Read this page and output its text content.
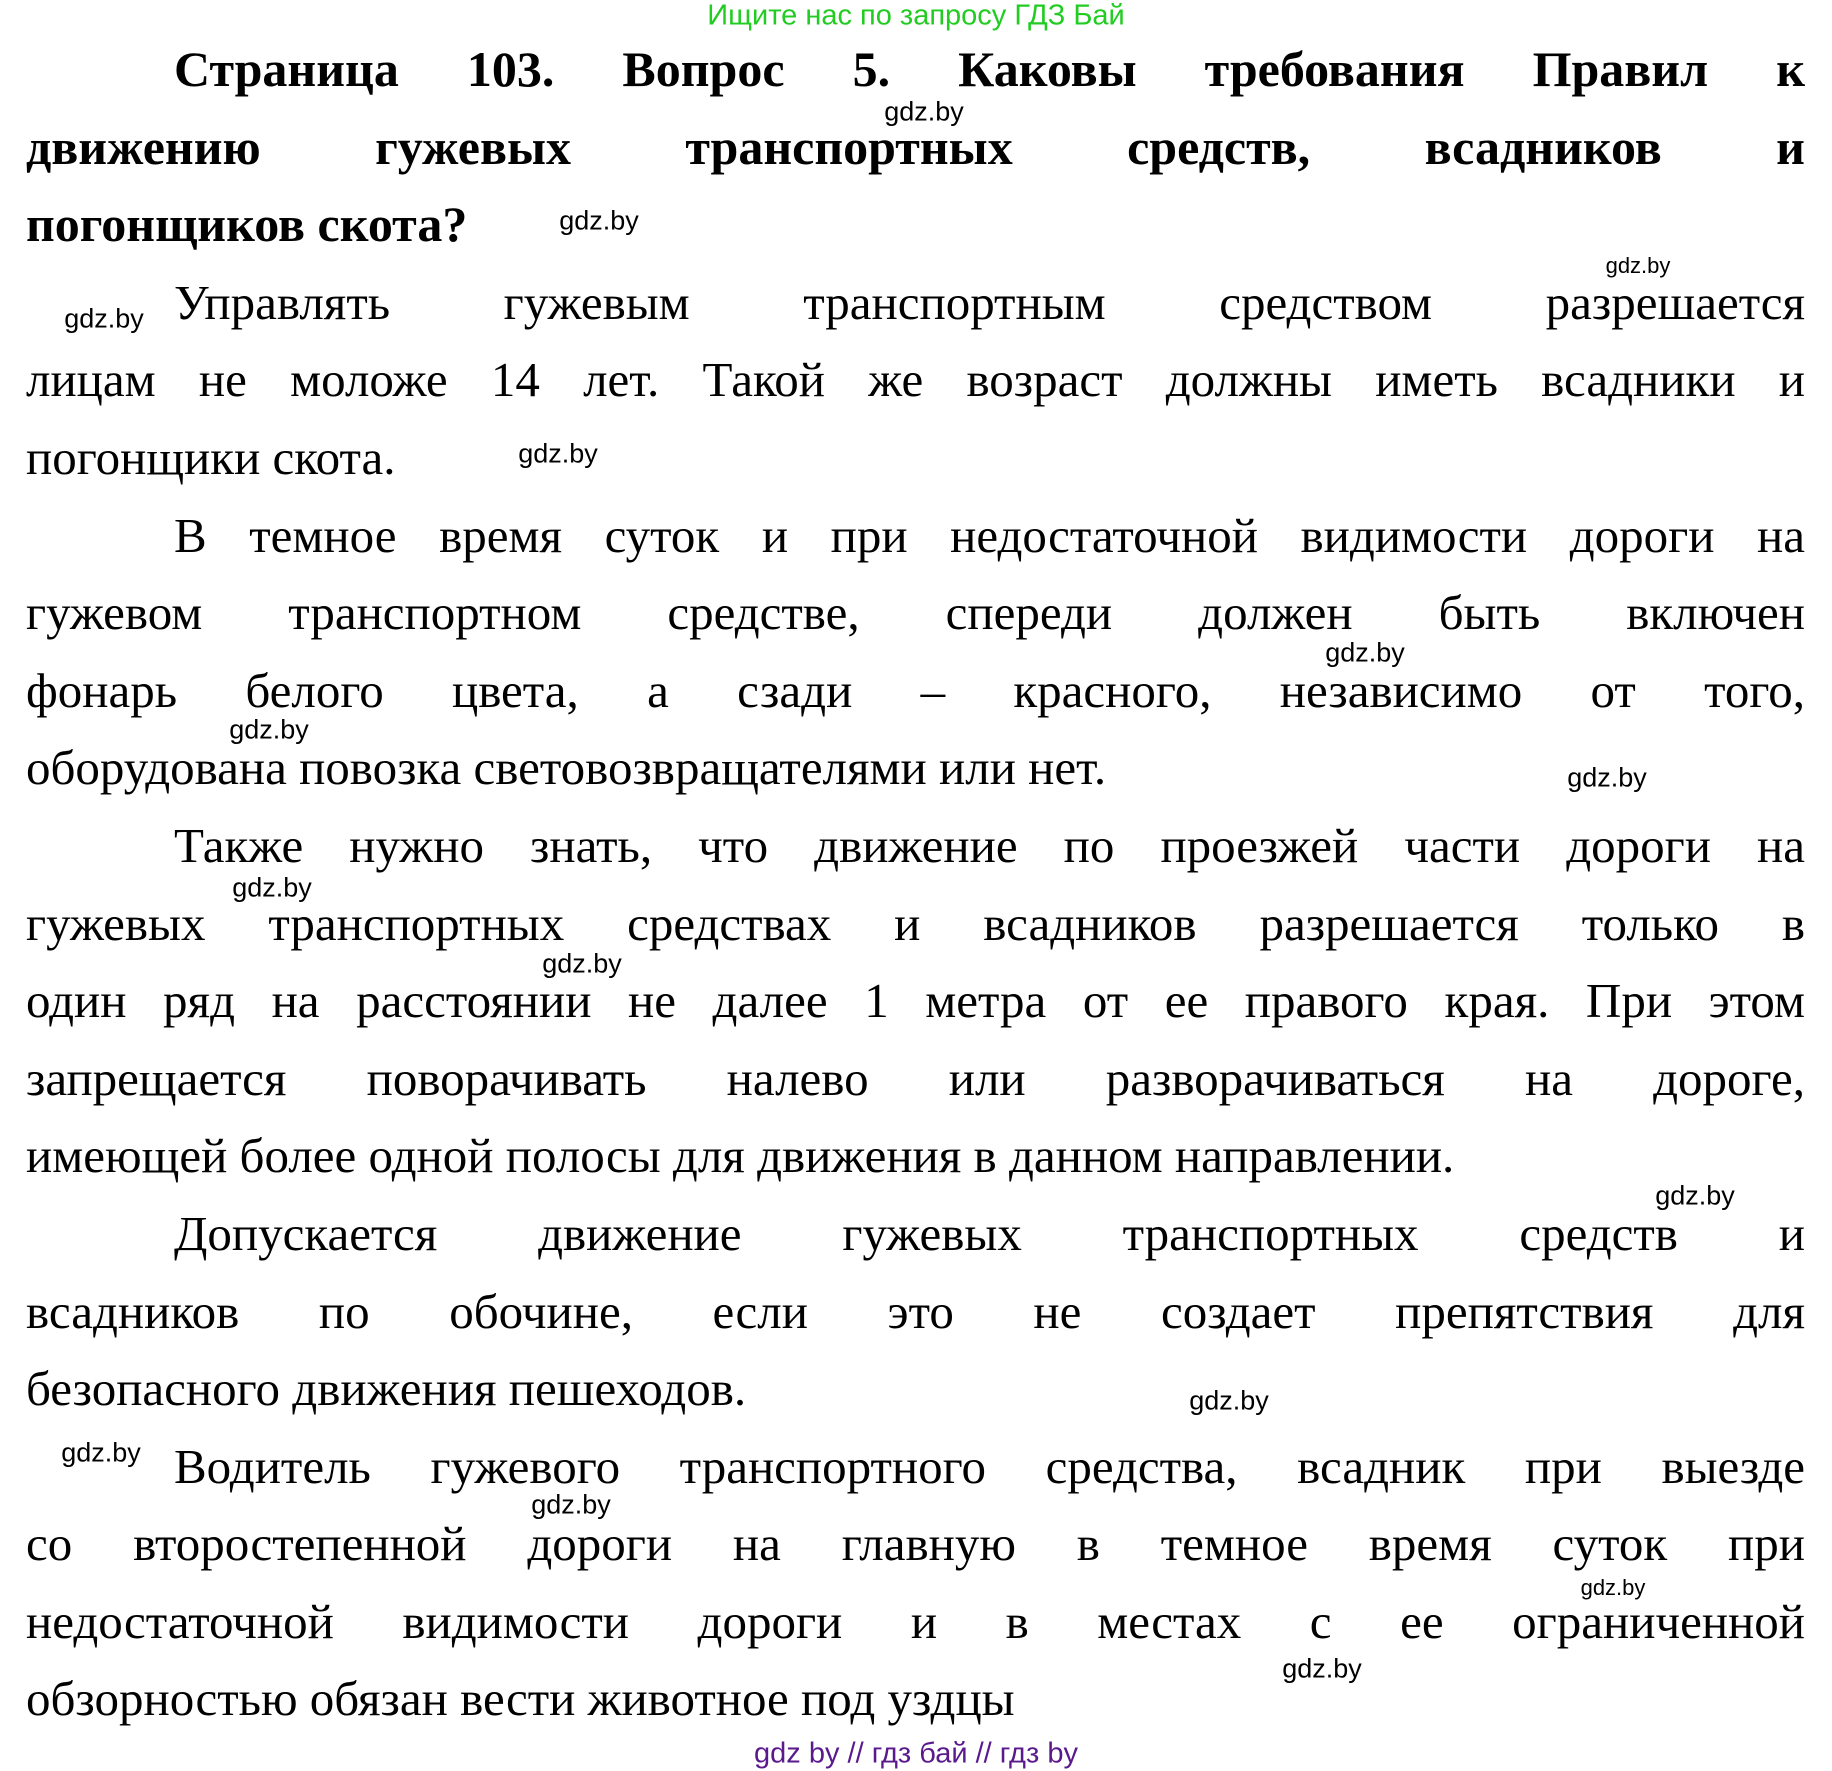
Ищите нас по запросу ГДЗ Бай
Страница 103. Вопрос 5. Каковы требования Правил к
движению гужевых транспортных средств, всадников и
погонщиков скота?
Управлять гужевым транспортным средством разрешается
лицам не моложе 14 лет. Такой же возраст должны иметь всадники и
погонщики скота.
В темное время суток и при недостаточной видимости дороги на
гужевом транспортном средстве, спереди должен быть включен
фонарь белого цвета, а сзади – красного, независимо от того,
оборудована повозка световозвращателями или нет.
Также нужно знать, что движение по проезжей части дороги на
гужевых транспортных средствах и всадников разрешается только в
один ряд на расстоянии не далее 1 метра от ее правого края. При этом
запрещается поворачивать налево или разворачиваться на дороге,
имеющей более одной полосы для движения в данном направлении.
Допускается движение гужевых транспортных средств и
всадников по обочине, если это не создает препятствия для
безопасного движения пешеходов.
Водитель гужевого транспортного средства, всадник при выезде
со второстепенной дороги на главную в темное время суток при
недостаточной видимости дороги и в местах с ее ограниченной
обзорностью обязан вести животное под уздцы
gdz.by
gdz.by
gdz.by
gdz.by
gdz.by
gdz.by
gdz.by
gdz.by
gdz.by
gdz.by
gdz.by
gdz.by
gdz.by
gdz.by
gdz.by
gdz.by
gdz by // гдз бай // гдз by
